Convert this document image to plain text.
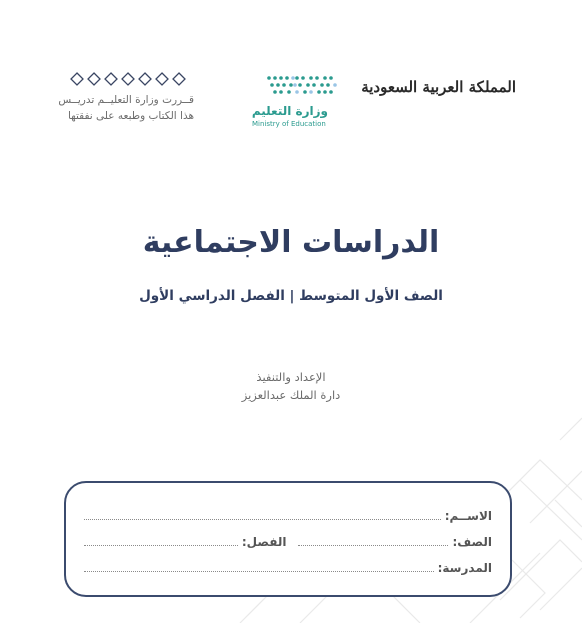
المملكة العربية السعودية
وزارة التعليم
Ministry of Education
قــررت وزارة التعليــم تدريــس
هذا الكتاب وطبعه على نفقتها
الدراسات الاجتماعية
الصف الأول المتوسط | الفصل الدراسي الأول
الإعداد والتنفيذ
دارة الملك عبدالعزيز
الاســم:
الصف:
الفصل:
المدرسة:
